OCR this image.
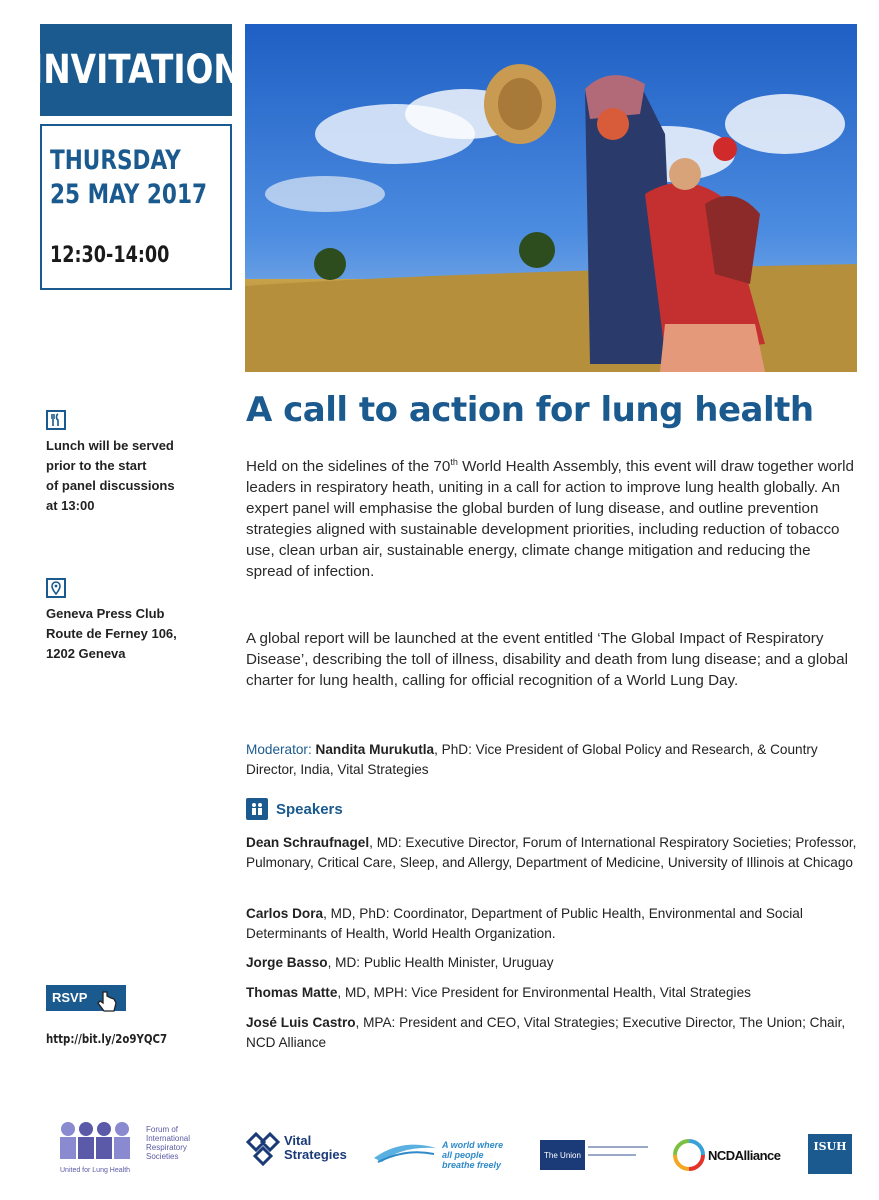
INVITATION
THURSDAY
25 MAY 2017
12:30-14:00
Lunch will be served
prior to the start
of panel discussions
at 13:00
Geneva Press Club
Route de Ferney 106,
1202 Geneva
A call to action for lung health
Held on the sidelines of the 70th World Health Assembly, this event will draw together world leaders in respiratory heath, uniting in a call for action to improve lung health globally. An expert panel will emphasise the global burden of lung disease, and outline prevention strategies aligned with sustainable development priorities, including reduction of tobacco use, clean urban air, sustainable energy, climate change mitigation and reducing the spread of infection.
A global report will be launched at the event entitled ‘The Global Impact of Respiratory Disease’, describing the toll of illness, disability and death from lung disease; and a global charter for lung health, calling for official recognition of a World Lung Day.
Moderator: Nandita Murukutla, PhD: Vice President of Global Policy and Research, & Country Director, India, Vital Strategies
Speakers
Dean Schraufnagel, MD: Executive Director, Forum of International Respiratory Societies; Professor, Pulmonary, Critical Care, Sleep, and Allergy, Department of Medicine, University of Illinois at Chicago
Carlos Dora, MD, PhD: Coordinator, Department of Public Health, Environmental and Social Determinants of Health, World Health Organization.
Jorge Basso, MD: Public Health Minister, Uruguay
Thomas Matte, MD, MPH: Vice President for Environmental Health, Vital Strategies
José Luis Castro, MPA: President and CEO, Vital Strategies; Executive Director, The Union; Chair, NCD Alliance
RSVP
http://bit.ly/2o9YQC7
Forum of
International
Respiratory
Societies
United for Lung Health
Vital
Strategies
A world where
all people
breathe freely
The Union	NCDAlliance
ISUH
